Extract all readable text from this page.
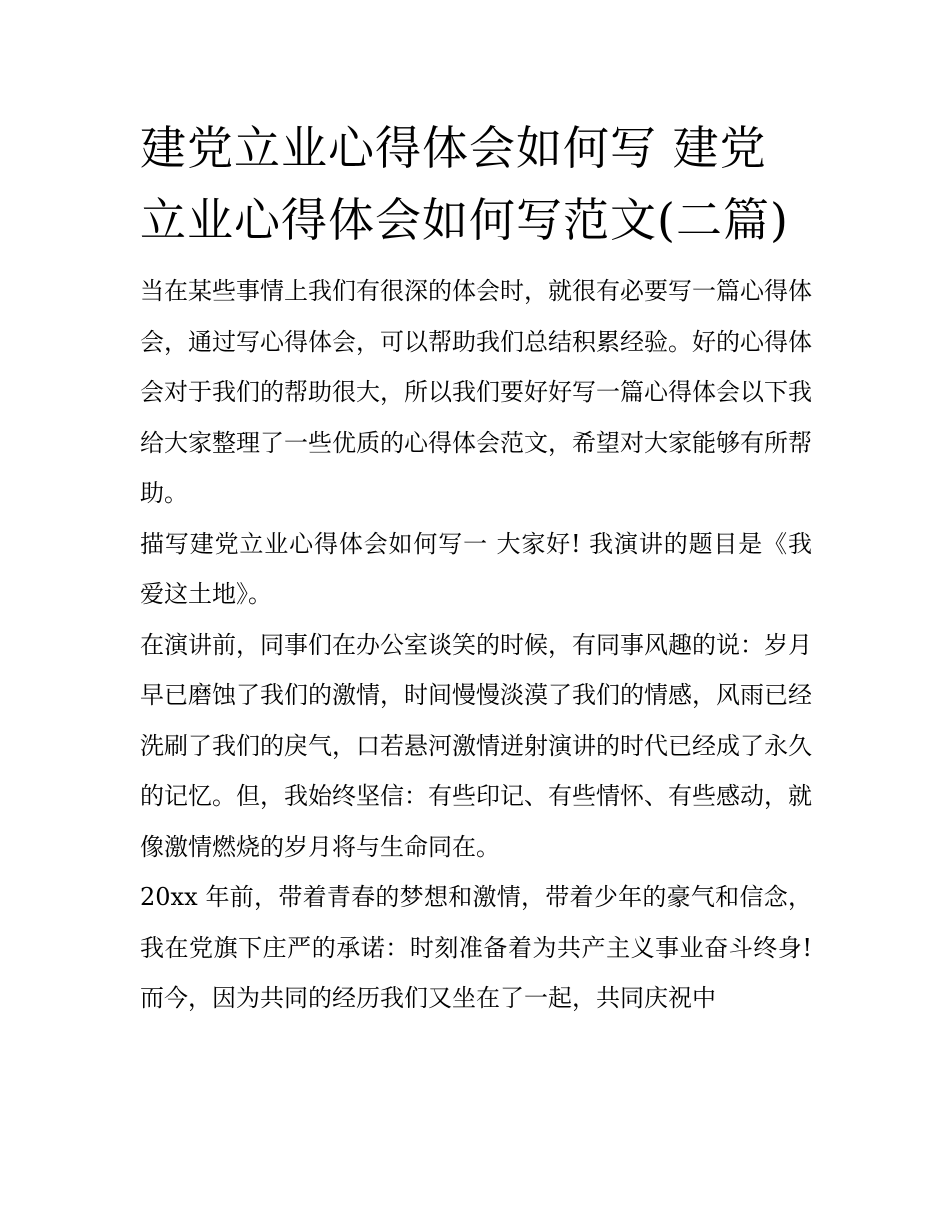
建党立业心得体会如何写 建党立业心得体会如何写范文(二篇)

当在某些事情上我们有很深的体会时，就很有必要写一篇心得体会，通过写心得体会，可以帮助我们总结积累经验。好的心得体会对于我们的帮助很大，所以我们要好好写一篇心得体会以下我给大家整理了一些优质的心得体会范文，希望对大家能够有所帮助。

描写建党立业心得体会如何写一 大家好! 我演讲的题目是《我爱这土地》。

在演讲前，同事们在办公室谈笑的时候，有同事风趣的说：岁月早已磨蚀了我们的激情，时间慢慢淡漠了我们的情感，风雨已经洗刷了我们的戾气，口若悬河激情迸射演讲的时代已经成了永久的记忆。但，我始终坚信：有些印记、有些情怀、有些感动，就像激情燃烧的岁月将与生命同在。

20xx 年前，带着青春的梦想和激情，带着少年的豪气和信念，我在党旗下庄严的承诺：时刻准备着为共产主义事业奋斗终身!而今，因为共同的经历我们又坐在了一起，共同庆祝中
